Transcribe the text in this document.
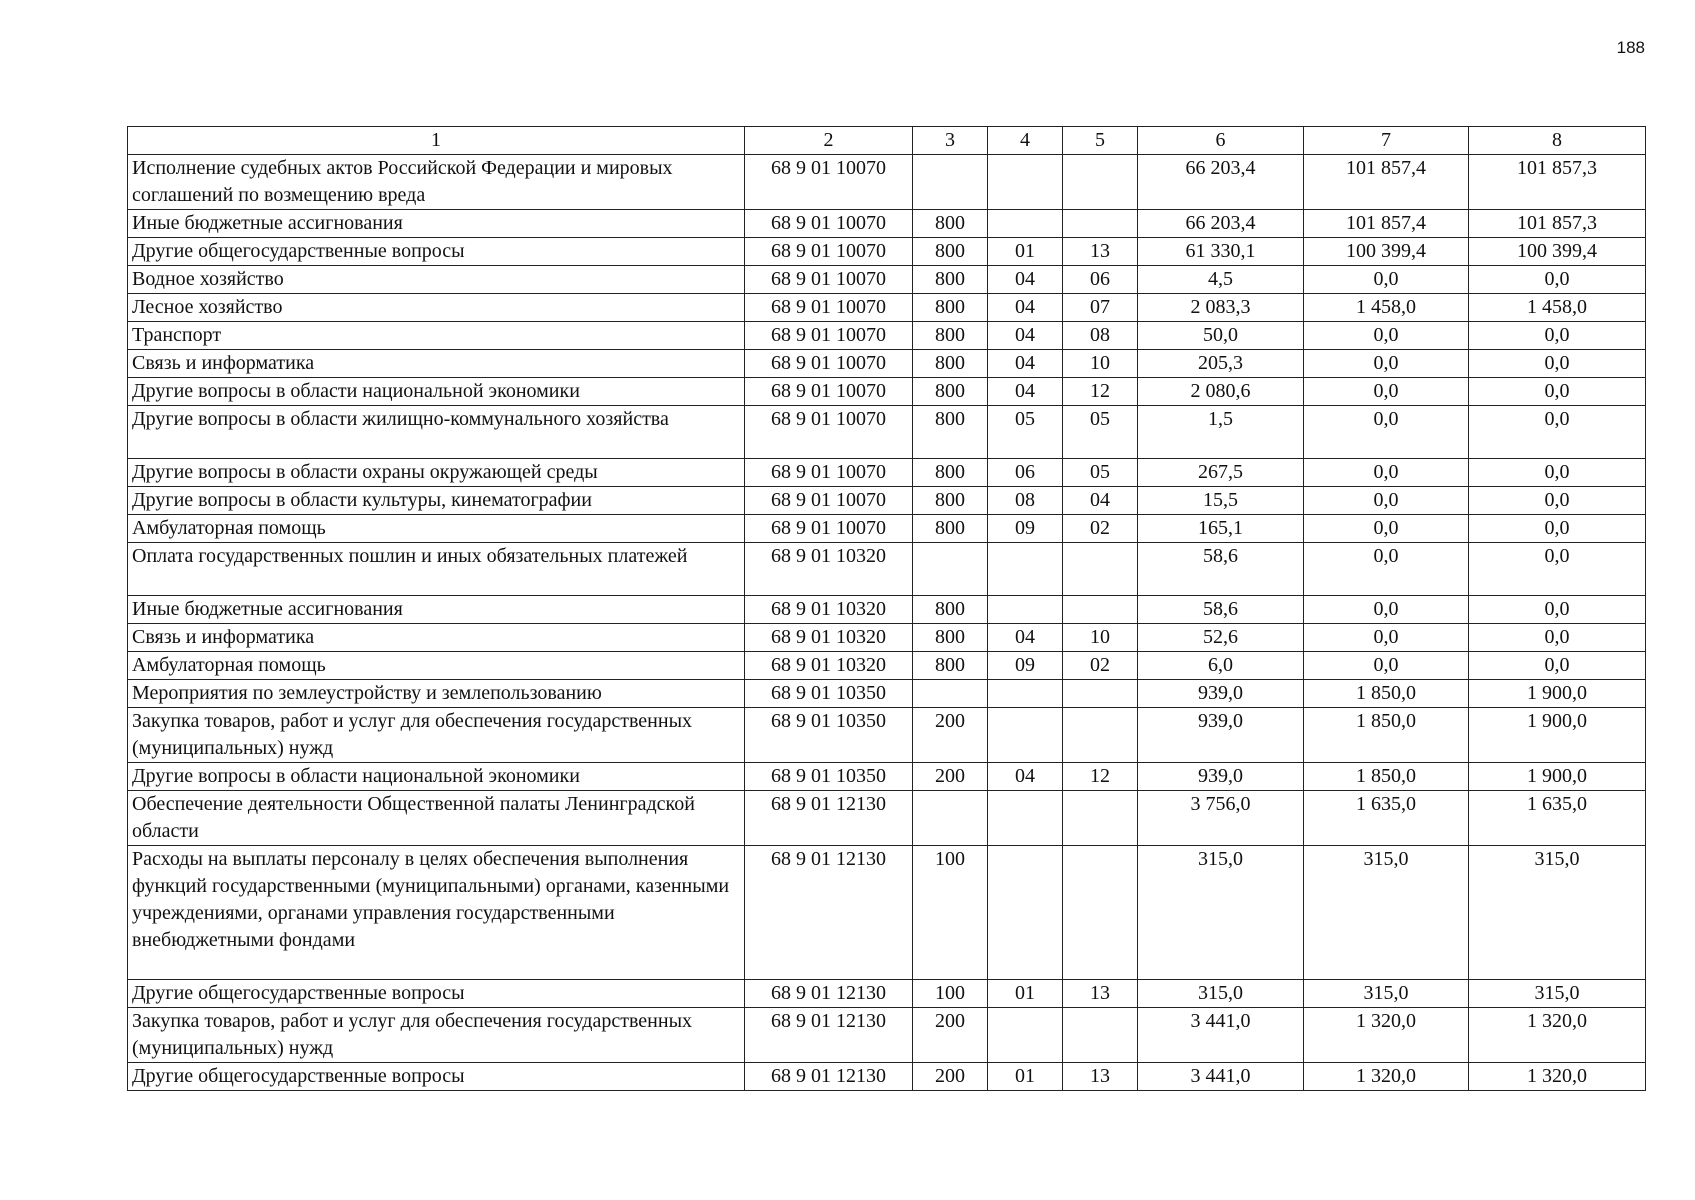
188
1	2	3	4	5	6	7	8
Исполнение судебных актов Российской Федерации и мировых соглашений по возмещению вреда	68 9 01 10070				66 203,4	101 857,4	101 857,3
Иные бюджетные ассигнования	68 9 01 10070	800			66 203,4	101 857,4	101 857,3
Другие общегосударственные вопросы	68 9 01 10070	800	01	13	61 330,1	100 399,4	100 399,4
Водное хозяйство	68 9 01 10070	800	04	06	4,5	0,0	0,0
Лесное хозяйство	68 9 01 10070	800	04	07	2 083,3	1 458,0	1 458,0
Транспорт	68 9 01 10070	800	04	08	50,0	0,0	0,0
Связь и информатика	68 9 01 10070	800	04	10	205,3	0,0	0,0
Другие вопросы в области национальной экономики	68 9 01 10070	800	04	12	2 080,6	0,0	0,0
Другие вопросы в области жилищно-коммунального хозяйства	68 9 01 10070	800	05	05	1,5	0,0	0,0
Другие вопросы в области охраны окружающей среды	68 9 01 10070	800	06	05	267,5	0,0	0,0
Другие вопросы в области культуры, кинематографии	68 9 01 10070	800	08	04	15,5	0,0	0,0
Амбулаторная помощь	68 9 01 10070	800	09	02	165,1	0,0	0,0
Оплата государственных пошлин и иных обязательных платежей	68 9 01 10320				58,6	0,0	0,0
Иные бюджетные ассигнования	68 9 01 10320	800			58,6	0,0	0,0
Связь и информатика	68 9 01 10320	800	04	10	52,6	0,0	0,0
Амбулаторная помощь	68 9 01 10320	800	09	02	6,0	0,0	0,0
Мероприятия по землеустройству и землепользованию	68 9 01 10350				939,0	1 850,0	1 900,0
Закупка товаров, работ и услуг для обеспечения государственных (муниципальных) нужд	68 9 01 10350	200			939,0	1 850,0	1 900,0
Другие вопросы в области национальной экономики	68 9 01 10350	200	04	12	939,0	1 850,0	1 900,0
Обеспечение деятельности Общественной палаты Ленинградской области	68 9 01 12130				3 756,0	1 635,0	1 635,0
Расходы на выплаты персоналу в целях обеспечения выполнения функций государственными (муниципальными) органами, казенными учреждениями, органами управления государственными внебюджетными фондами	68 9 01 12130	100			315,0	315,0	315,0
Другие общегосударственные вопросы	68 9 01 12130	100	01	13	315,0	315,0	315,0
Закупка товаров, работ и услуг для обеспечения государственных (муниципальных) нужд	68 9 01 12130	200			3 441,0	1 320,0	1 320,0
Другие общегосударственные вопросы	68 9 01 12130	200	01	13	3 441,0	1 320,0	1 320,0
